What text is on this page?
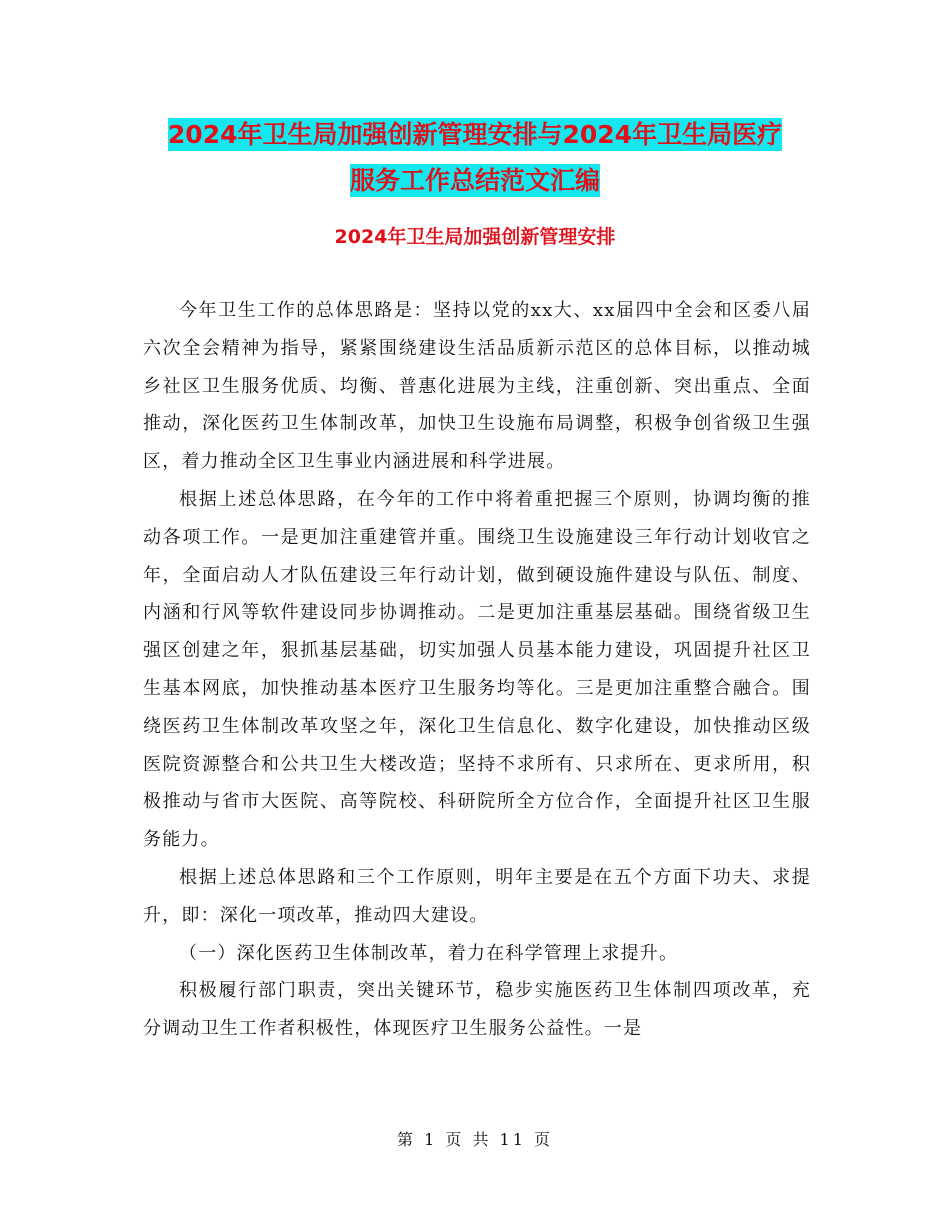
2024年卫生局加强创新管理安排与2024年卫生局医疗
服务工作总结范文汇编
2024年卫生局加强创新管理安排

今年卫生工作的总体思路是：坚持以党的xx大、xx届四中全会和区委八届六次全会精神为指导，紧紧围绕建设生活品质新示范区的总体目标，以推动城乡社区卫生服务优质、均衡、普惠化进展为主线，注重创新、突出重点、全面推动，深化医药卫生体制改革，加快卫生设施布局调整，积极争创省级卫生强区，着力推动全区卫生事业内涵进展和科学进展。

根据上述总体思路，在今年的工作中将着重把握三个原则，协调均衡的推动各项工作。一是更加注重建管并重。围绕卫生设施建设三年行动计划收官之年，全面启动人才队伍建设三年行动计划，做到硬设施件建设与队伍、制度、内涵和行风等软件建设同步协调推动。二是更加注重基层基础。围绕省级卫生强区创建之年，狠抓基层基础，切实加强人员基本能力建设，巩固提升社区卫生基本网底，加快推动基本医疗卫生服务均等化。三是更加注重整合融合。围绕医药卫生体制改革攻坚之年，深化卫生信息化、数字化建设，加快推动区级医院资源整合和公共卫生大楼改造；坚持不求所有、只求所在、更求所用，积极推动与省市大医院、高等院校、科研院所全方位合作，全面提升社区卫生服务能力。

根据上述总体思路和三个工作原则，明年主要是在五个方面下功夫、求提升，即：深化一项改革，推动四大建设。

（一）深化医药卫生体制改革，着力在科学管理上求提升。

积极履行部门职责，突出关键环节，稳步实施医药卫生体制四项改革，充分调动卫生工作者积极性，体现医疗卫生服务公益性。一是

第 1 页 共 11 页
